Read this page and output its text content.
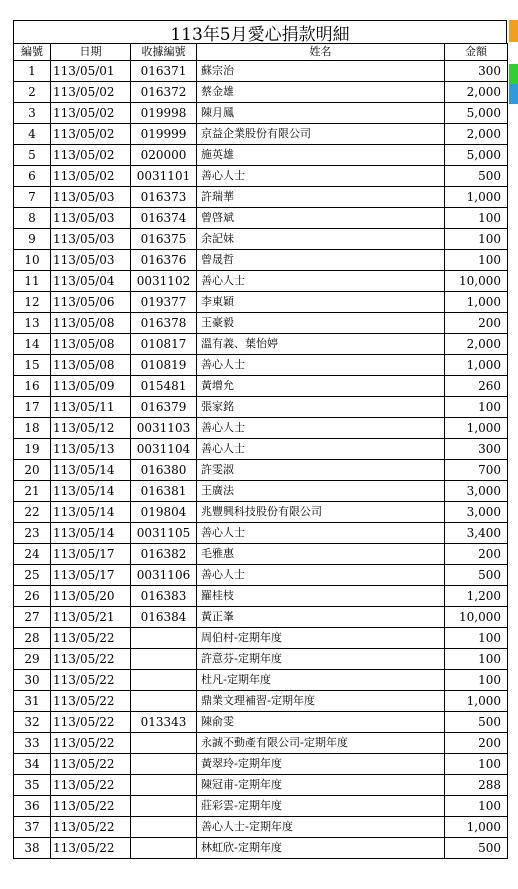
113年5月愛心捐款明細
編號	日期	收據編號	姓名	金額
1	113/05/01	016371	蘇宗治	300
2	113/05/02	016372	蔡金雄	2,000
3	113/05/02	019998	陳月鳳	5,000
4	113/05/02	019999	京益企業股份有限公司	2,000
5	113/05/02	020000	施英雄	5,000
6	113/05/02	0031101	善心人士	500
7	113/05/03	016373	許瑞華	1,000
8	113/05/03	016374	曾啓斌	100
9	113/05/03	016375	余記妹	100
10	113/05/03	016376	曾晟哲	100
11	113/05/04	0031102	善心人士	10,000
12	113/05/06	019377	李東穎	1,000
13	113/05/08	016378	王豪毅	200
14	113/05/08	010817	溫有義、葉怡婷	2,000
15	113/05/08	010819	善心人士	1,000
16	113/05/09	015481	黃增允	260
17	113/05/11	016379	張家銘	100
18	113/05/12	0031103	善心人士	1,000
19	113/05/13	0031104	善心人士	300
20	113/05/14	016380	許雯淑	700
21	113/05/14	016381	王廣法	3,000
22	113/05/14	019804	兆豐興科技股份有限公司	3,000
23	113/05/14	0031105	善心人士	3,400
24	113/05/17	016382	毛雅惠	200
25	113/05/17	0031106	善心人士	500
26	113/05/20	016383	羅桂枝	1,200
27	113/05/21	016384	黃正峯	10,000
28	113/05/22		周伯村-定期年度	100
29	113/05/22		許意芬-定期年度	100
30	113/05/22		杜凡-定期年度	100
31	113/05/22		鼎業文理補習-定期年度	1,000
32	113/05/22	013343	陳俞雯	500
33	113/05/22		永誠不動產有限公司-定期年度	200
34	113/05/22		黃翠玲-定期年度	100
35	113/05/22		陳冠甫-定期年度	288
36	113/05/22		莊彩雲-定期年度	100
37	113/05/22		善心人士-定期年度	1,000
38	113/05/22		林虹欣-定期年度	500
